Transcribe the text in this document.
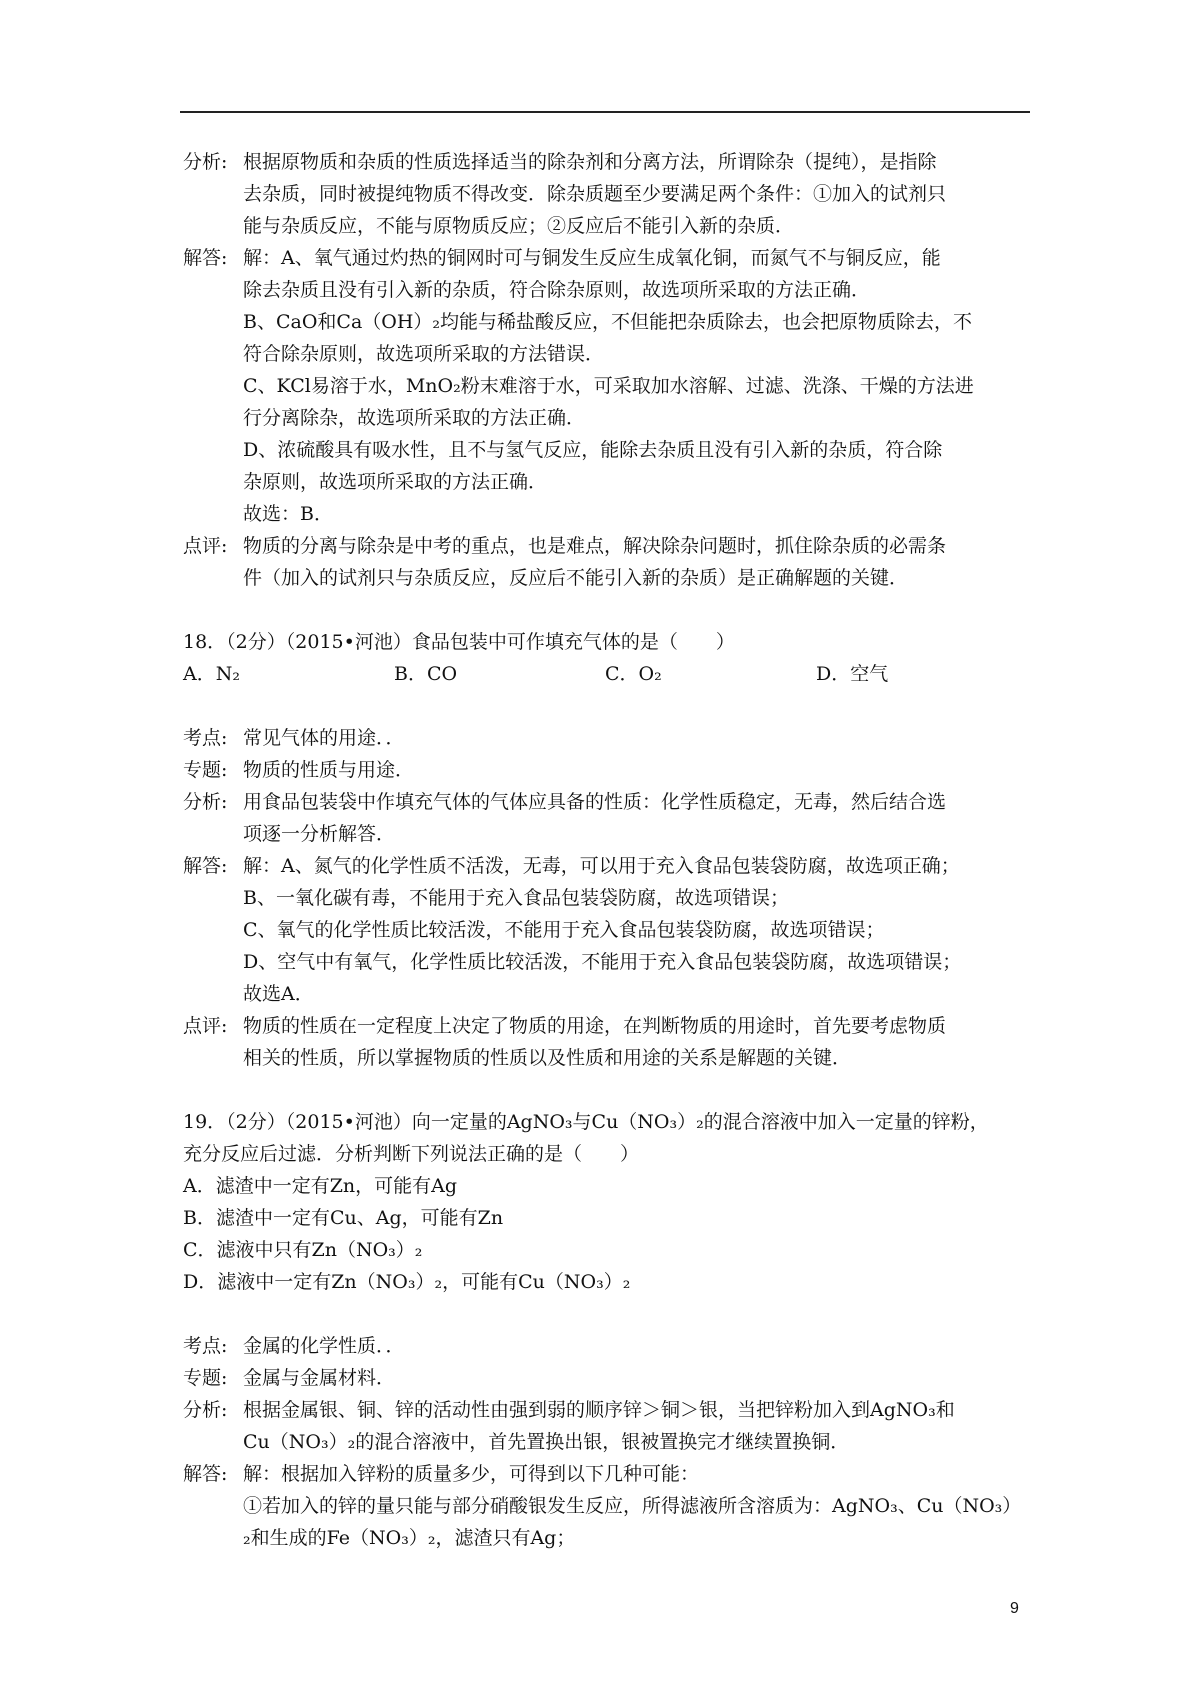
分析: 根据原物质和杂质的性质选择适当的除杂剂和分离方法，所谓除杂（提纯），是指除
去杂质，同时被提纯物质不得改变．除杂质题至少要满足两个条件：①加入的试剂只
能与杂质反应，不能与原物质反应；②反应后不能引入新的杂质．
解答: 解：A、氧气通过灼热的铜网时可与铜发生反应生成氧化铜，而氮气不与铜反应，能
除去杂质且没有引入新的杂质，符合除杂原则，故选项所采取的方法正确．
B、CaO和Ca（OH）₂均能与稀盐酸反应，不但能把杂质除去，也会把原物质除去，不
符合除杂原则，故选项所采取的方法错误．
C、KCl易溶于水，MnO₂粉末难溶于水，可采取加水溶解、过滤、洗涤、干燥的方法进
行分离除杂，故选项所采取的方法正确．
D、浓硫酸具有吸水性，且不与氢气反应，能除去杂质且没有引入新的杂质，符合除
杂原则，故选项所采取的方法正确．
故选：B．
点评: 物质的分离与除杂是中考的重点，也是难点，解决除杂问题时，抓住除杂质的必需条
件（加入的试剂只与杂质反应，反应后不能引入新的杂质）是正确解题的关键．
18．（2分）（2015•河池）食品包装中可作填充气体的是（　　）
A．N₂	B．CO	C．O₂	D．空气
考点: 常见气体的用途．．
专题: 物质的性质与用途．
分析: 用食品包装袋中作填充气体的气体应具备的性质：化学性质稳定，无毒，然后结合选
项逐一分析解答．
解答: 解：A、氮气的化学性质不活泼，无毒，可以用于充入食品包装袋防腐，故选项正确；
B、一氧化碳有毒，不能用于充入食品包装袋防腐，故选项错误；
C、氧气的化学性质比较活泼，不能用于充入食品包装袋防腐，故选项错误；
D、空气中有氧气，化学性质比较活泼，不能用于充入食品包装袋防腐，故选项错误；
故选A．
点评: 物质的性质在一定程度上决定了物质的用途，在判断物质的用途时，首先要考虑物质
相关的性质，所以掌握物质的性质以及性质和用途的关系是解题的关键．
19．（2分）（2015•河池）向一定量的AgNO₃与Cu（NO₃）₂的混合溶液中加入一定量的锌粉，
充分反应后过滤．分析判断下列说法正确的是（　　）
A．滤渣中一定有Zn，可能有Ag
B．滤渣中一定有Cu、Ag，可能有Zn
C．滤液中只有Zn（NO₃）₂
D．滤液中一定有Zn（NO₃）₂，可能有Cu（NO₃）₂
考点: 金属的化学性质．．
专题: 金属与金属材料．
分析: 根据金属银、铜、锌的活动性由强到弱的顺序锌＞铜＞银，当把锌粉加入到AgNO₃和
Cu（NO₃）₂的混合溶液中，首先置换出银，银被置换完才继续置换铜．
解答: 解：根据加入锌粉的质量多少，可得到以下几种可能：
①若加入的锌的量只能与部分硝酸银发生反应，所得滤液所含溶质为：AgNO₃、Cu（NO₃）
₂和生成的Fe（NO₃）₂，滤渣只有Ag；
9
